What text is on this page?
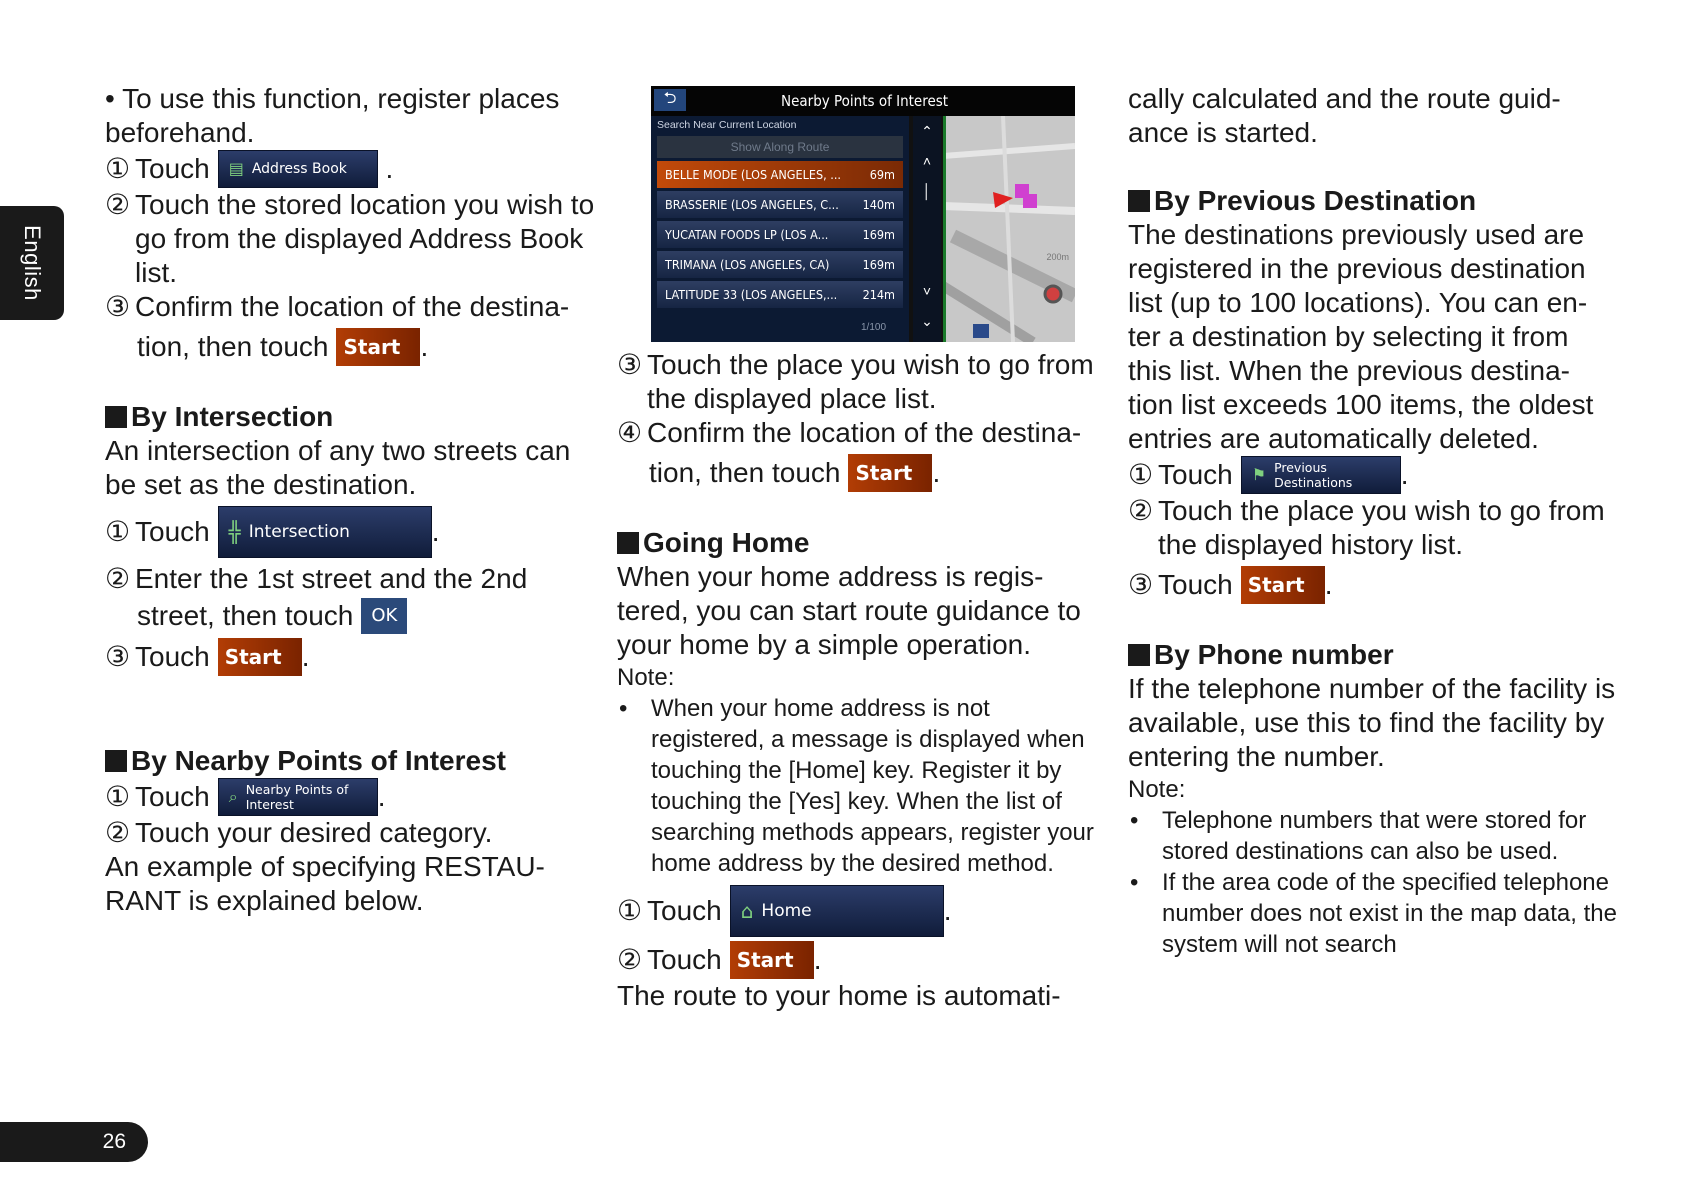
English
26

• To use this function, register places beforehand.

① Touch ▤ Address Book .
② Touch the stored location you wish to go from the displayed Address Book list.
③ Confirm the location of the destina-
tion, then touch Start .
By Intersection

An intersection of any two streets can be set as the destination.

① Touch ╬ Intersection	.
② Enter the 1st street and the 2nd
street, then touch	OK
③ Touch Start .
By Nearby Points of Interest
① Touch ⌕ Nearby Points of
Interest	.
② Touch your desired category.

An example of specifying RESTAU- RANT is explained below.

⮌	Nearby Points of Interest
Search Near Current Location
Show Along Route
BELLE MODE (LOS ANGELES, ... 69m
BRASSERIE (LOS ANGELES, C... 140m
YUCATAN FOODS LP (LOS A...	169m
TRIMANA (LOS ANGELES, CA)	169m
LATITUDE 33 (LOS ANGELES,... 214m
1/100
⌃
˄
│
˅
⌄
200m
③ Touch the place you wish to go from the displayed place list.
④ Confirm the location of the destina-
tion, then touch Start .
Going Home

When your home address is regis- tered, you can start route guidance to your home by a simple operation.

Note:

• When your home address is not registered, a message is displayed when touching the [Home] key. Register it by touching the [Yes] key. When the list of searching methods appears, register your home address by the desired method.
① Touch ⌂ Home	.
② Touch Start .

The route to your home is automati-

cally calculated and the route guid- ance is started.

By Previous Destination

The destinations previously used are registered in the previous destination list (up to 100 locations). You can en- ter a destination by selecting it from this list. When the previous destina- tion list exceeds 100 items, the oldest entries are automatically deleted.

① Touch ⚑ Previous
Destinations .
② Touch the place you wish to go from the displayed history list.
③ Touch Start .
By Phone number

If the telephone number of the facility is available, use this to find the facility by entering the number.

Note:

• Telephone numbers that were stored for stored destinations can also be used.
• If the area code of the specified telephone number does not exist in the map data, the system will not search
